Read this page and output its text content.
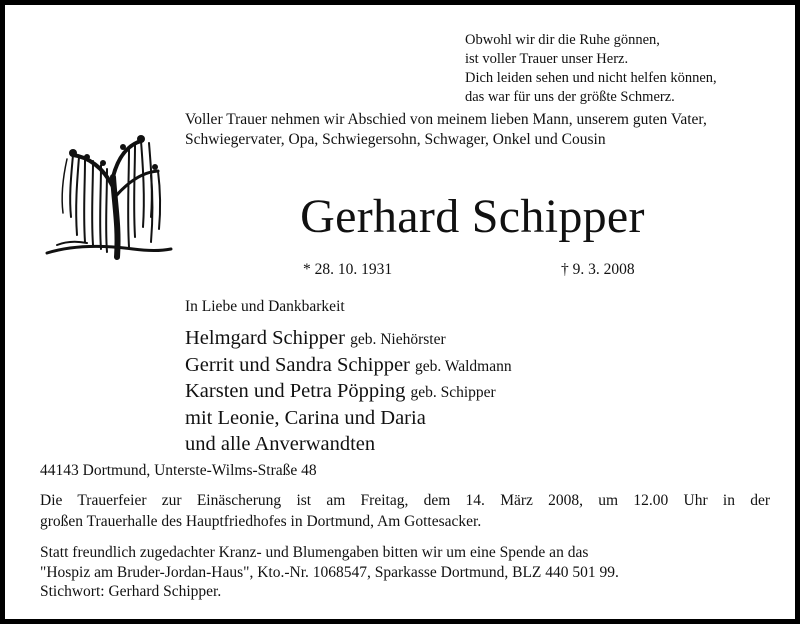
Obwohl wir dir die Ruhe gönnen,
ist voller Trauer unser Herz.
Dich leiden sehen und nicht helfen können,
das war für uns der größte Schmerz.
Voller Trauer nehmen wir Abschied von meinem lieben Mann, unserem guten Vater, Schwiegervater, Opa, Schwiegersohn, Schwager, Onkel und Cousin
Gerhard Schipper
* 28. 10. 1931	† 9. 3. 2008
In Liebe und Dankbarkeit
Helmgard Schipper geb. Niehörster
Gerrit und Sandra Schipper geb. Waldmann
Karsten und Petra Pöpping geb. Schipper
mit Leonie, Carina und Daria
und alle Anverwandten
44143 Dortmund, Unterste-Wilms-Straße 48
Die Trauerfeier zur Einäscherung ist am Freitag, dem 14. März 2008, um 12.00 Uhr in der
großen Trauerhalle des Hauptfriedhofes in Dortmund, Am Gottesacker.
Statt freundlich zugedachter Kranz- und Blumengaben bitten wir um eine Spende an das
"Hospiz am Bruder-Jordan-Haus", Kto.-Nr. 1068547, Sparkasse Dortmund, BLZ 440 501 99.
Stichwort: Gerhard Schipper.
